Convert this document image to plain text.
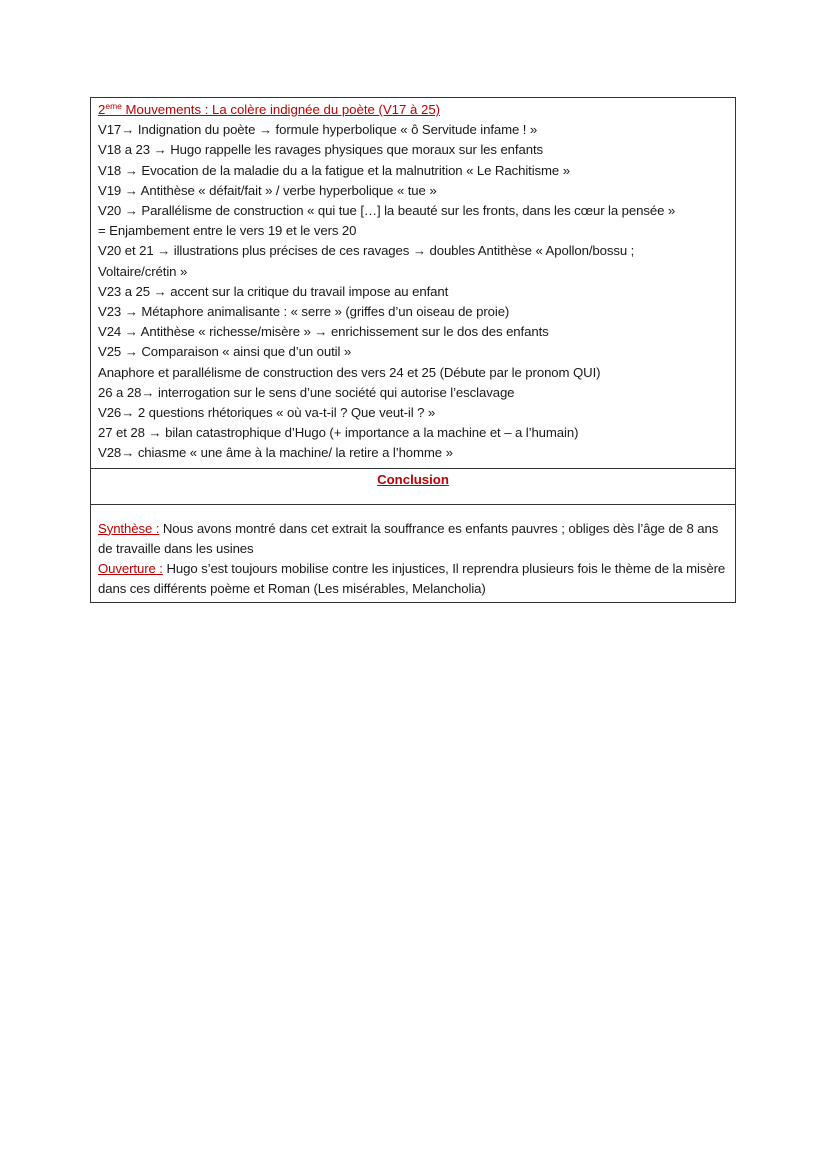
2eme Mouvements : La colère indignée du poète (V17 à 25)
V17→ Indignation du poète → formule hyperbolique « ô Servitude infame ! »
V18 a 23 → Hugo rappelle les ravages physiques que moraux sur les enfants
V18 → Evocation de la maladie du a la fatigue et la malnutrition « Le Rachitisme »
V19 → Antithèse « défait/fait » / verbe hyperbolique « tue »
V20 → Parallélisme de construction « qui tue […] la beauté sur les fronts, dans les cœur la pensée »
= Enjambement entre le vers 19 et le vers 20
V20 et 21 → illustrations plus précises de ces ravages → doubles Antithèse « Apollon/bossu ;
Voltaire/crétin »
V23 a 25 → accent sur la critique du travail impose au enfant
V23 → Métaphore animalisante : « serre » (griffes d’un oiseau de proie)
V24 → Antithèse « richesse/misère » → enrichissement sur le dos des enfants
V25 → Comparaison « ainsi que d’un outil »
Anaphore et parallélisme de construction des vers 24 et 25 (Débute par le pronom QUI)
26 a 28→ interrogation sur le sens d’une société qui autorise l’esclavage
V26→ 2 questions rhétoriques « où va-t-il ? Que veut-il ? »
27 et 28 → bilan catastrophique d’Hugo (+ importance a la machine et – a l’humain)
V28→ chiasme « une âme à la machine/ la retire a l’homme »
Conclusion
Synthèse : Nous avons montré dans cet extrait la souffrance es enfants pauvres ; obliges dès l’âge de 8 ans de travaille dans les usines
Ouverture : Hugo s’est toujours mobilise contre les injustices, Il reprendra plusieurs fois le thème de la misère dans ces différents poème et Roman (Les misérables, Melancholia)
